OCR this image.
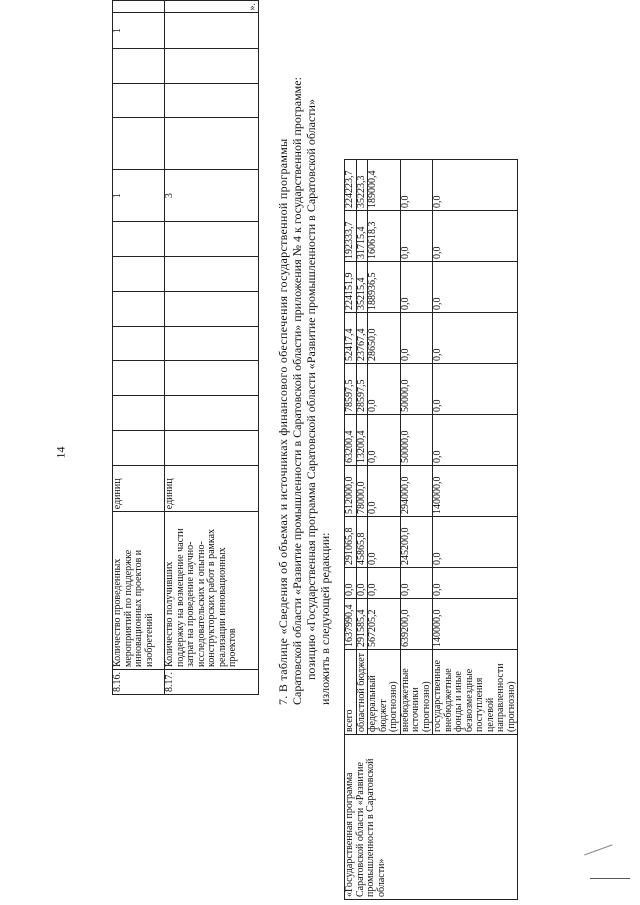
14
8.16.	Количество проведенных мероприятий по поддержке инновационных проектов и изобретений	единиц								1				1	
8.17.	Количество получивших поддержку на возмещение части затрат на проведение научно-исследовательских и опытно-конструкторских работ в рамках реализации инновационных проектов	единиц								3					».
7. В таблице «Сведения об объемах и источниках финансового обеспечения государственной программы Саратовской области «Развитие промышленности в Саратовской области» приложения № 4 к государственной программе: позицию «Государственная программа Саратовской области «Развитие промышленности в Саратовской области» изложить в следующей редакции:
«Государственная программа Саратовской области «Развитие промышленности в Саратовской области»	всего	1637990,4	0,0	291065,8	512000,0	63200,4	78597,5	52417,4	224151,9	192333,7	224223,7
	областной бюджет	291585,4	0,0	45865,8	78000,0	13200,4	28597,5	23767,4	35215,4	31715,4	35223,3
	федеральный бюджет (прогнозно)	567205,2	0,0	0,0	0,0	0,0	0,0	28650,0	188936,5	160618,3	189000,4
	внебюджетные источники (прогнозно)	639200,0	0,0	245200,0	294000,0	50000,0	50000,0	0,0	0,0	0,0	0,0
	государственные внебюджетные фонды и иные безвозмездные поступления целевой направленности (прогнозно)	140000,0	0,0	0,0	140000,0	0,0	0,0	0,0	0,0	0,0	0,0
